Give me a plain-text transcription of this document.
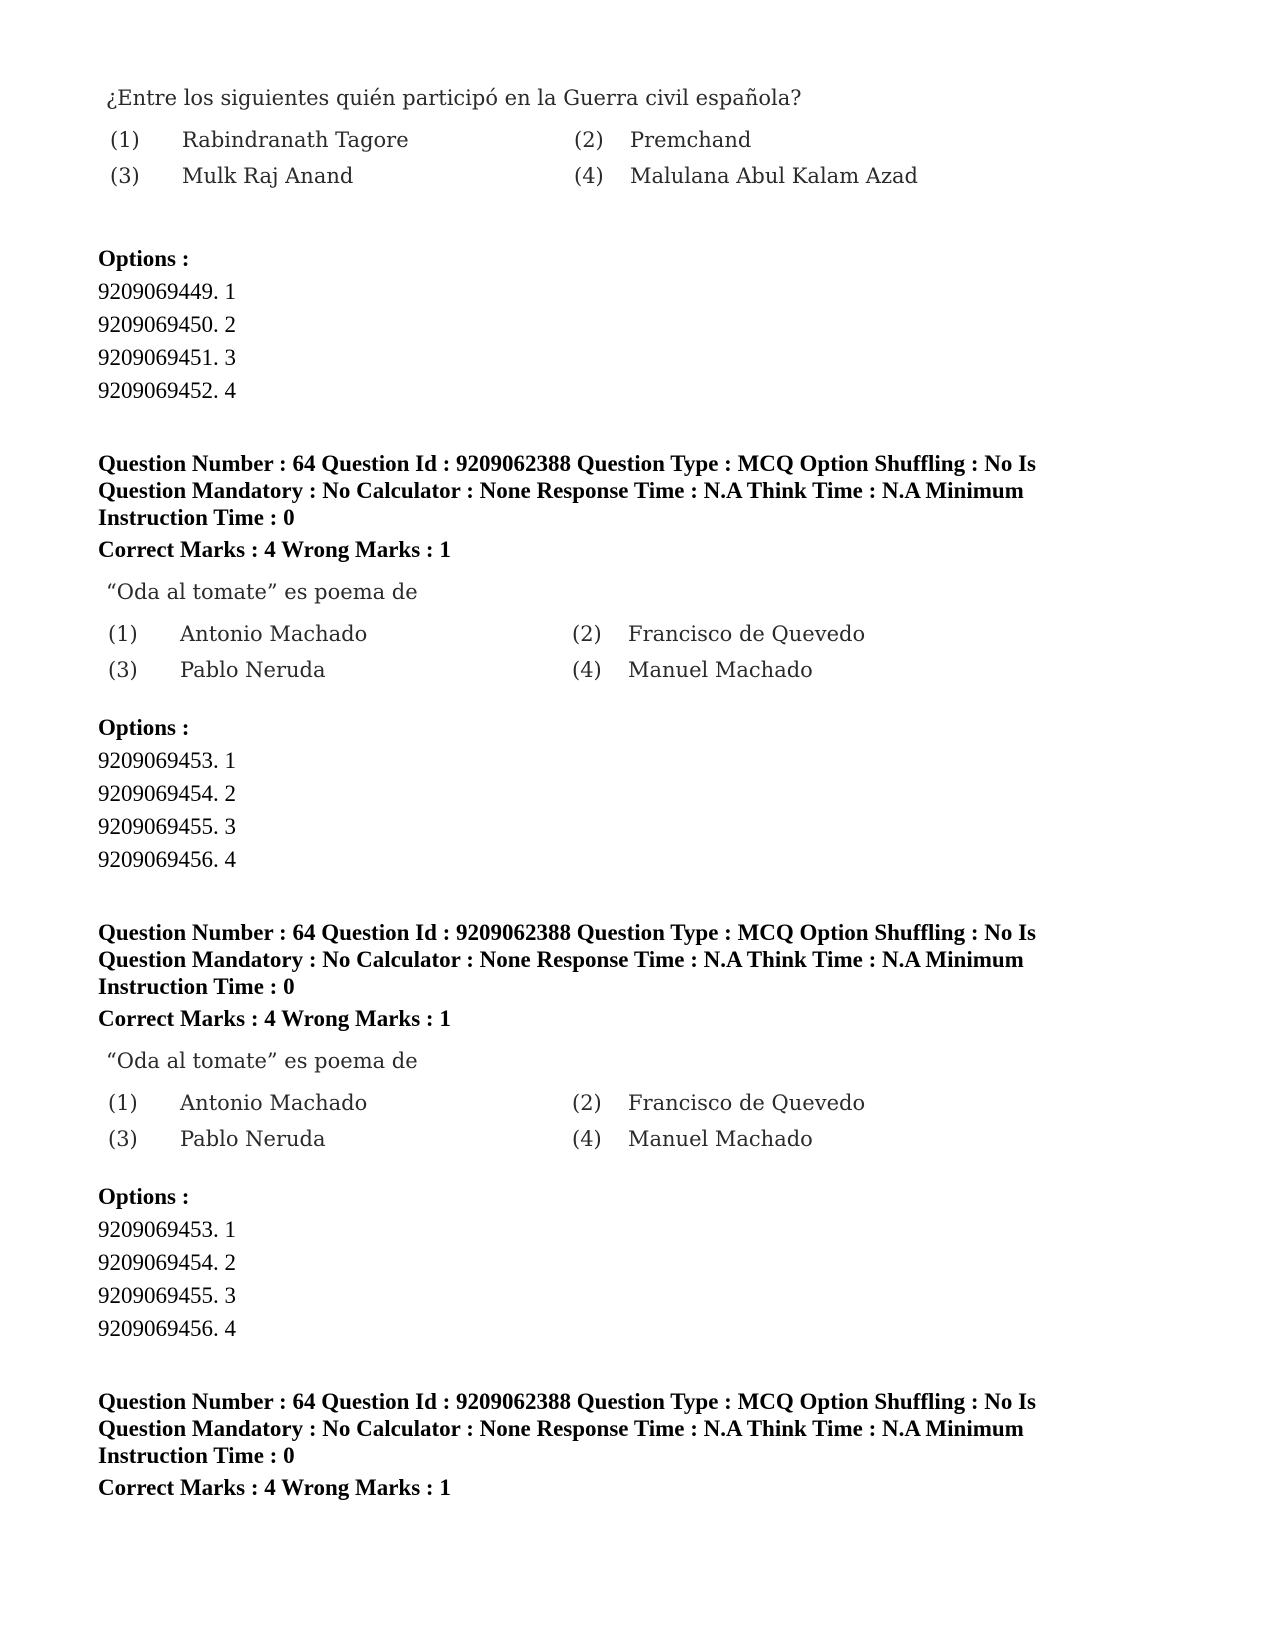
¿Entre los siguientes quién participó en la Guerra civil española?

(1) Rabindranath Tagore	(2) Premchand
(3) Mulk Raj Anand	(4) Malulana Abul Kalam Azad
Options :
9209069449. 1
9209069450. 2
9209069451. 3
9209069452. 4
Question Number : 64 Question Id : 9209062388 Question Type : MCQ Option Shuffling : No Is
Question Mandatory : No Calculator : None Response Time : N.A Think Time : N.A Minimum
Instruction Time : 0
Correct Marks : 4 Wrong Marks : 1

“Oda al tomate” es poema de

(1) Antonio Machado	(2) Francisco de Quevedo
(3) Pablo Neruda	(4) Manuel Machado
Options :
9209069453. 1
9209069454. 2
9209069455. 3
9209069456. 4
Question Number : 64 Question Id : 9209062388 Question Type : MCQ Option Shuffling : No Is
Question Mandatory : No Calculator : None Response Time : N.A Think Time : N.A Minimum
Instruction Time : 0
Correct Marks : 4 Wrong Marks : 1

“Oda al tomate” es poema de

(1) Antonio Machado	(2) Francisco de Quevedo
(3) Pablo Neruda	(4) Manuel Machado
Options :
9209069453. 1
9209069454. 2
9209069455. 3
9209069456. 4
Question Number : 64 Question Id : 9209062388 Question Type : MCQ Option Shuffling : No Is
Question Mandatory : No Calculator : None Response Time : N.A Think Time : N.A Minimum
Instruction Time : 0
Correct Marks : 4 Wrong Marks : 1
